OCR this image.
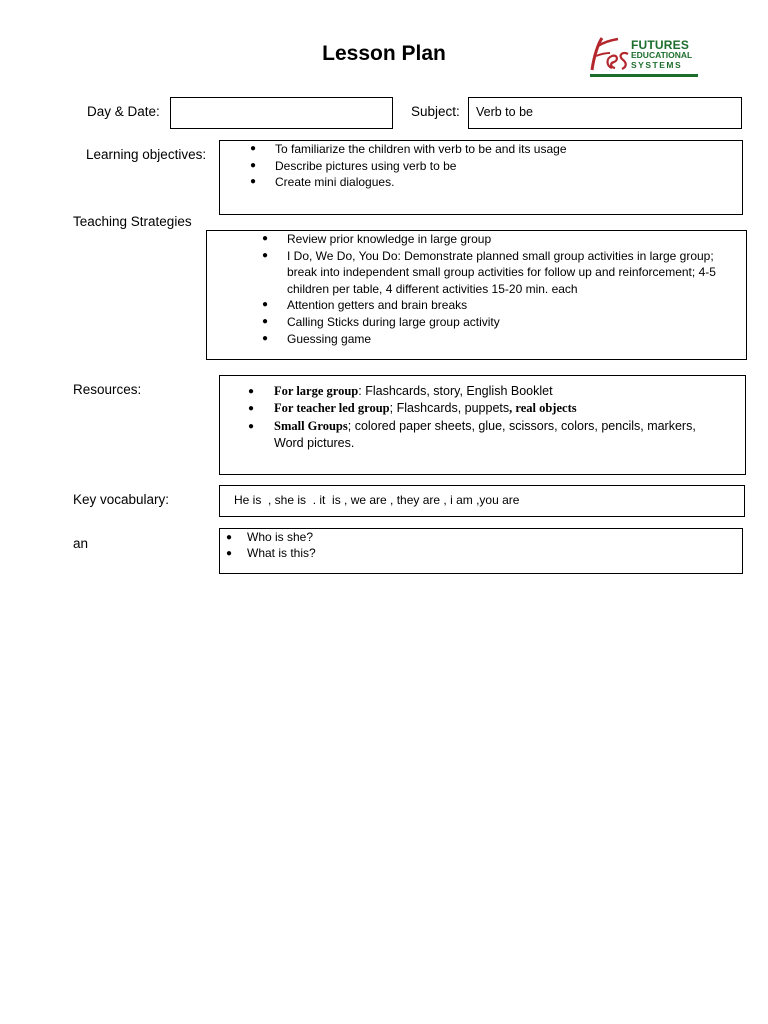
Lesson Plan	FUTURES
EDUCATIONAL
SYSTEMS
Day & Date:	Subject:	Verb to be
Learning objectives:	● To familiarize the children with verb to be and its usage
● Describe pictures using verb to be
● Create mini dialogues.
Teaching Strategies
● Review prior knowledge in large group
● I Do, We Do, You Do: Demonstrate planned small group activities in large group; break into independent small group activities for follow up and reinforcement; 4-5 children per table, 4 different activities 15-20 min. each
● Attention getters and brain breaks
● Calling Sticks during large group activity
● Guessing game
Resources:	● For large group: Flashcards, story, English Booklet
● For teacher led group; Flashcards, puppets, real objects
● Small Groups; colored paper sheets, glue, scissors, colors, pencils, markers, Word pictures.
Key vocabulary:	He is  , she is  . it  is , we are , they are , i am ,you are
an	● Who is she?
● What is this?
